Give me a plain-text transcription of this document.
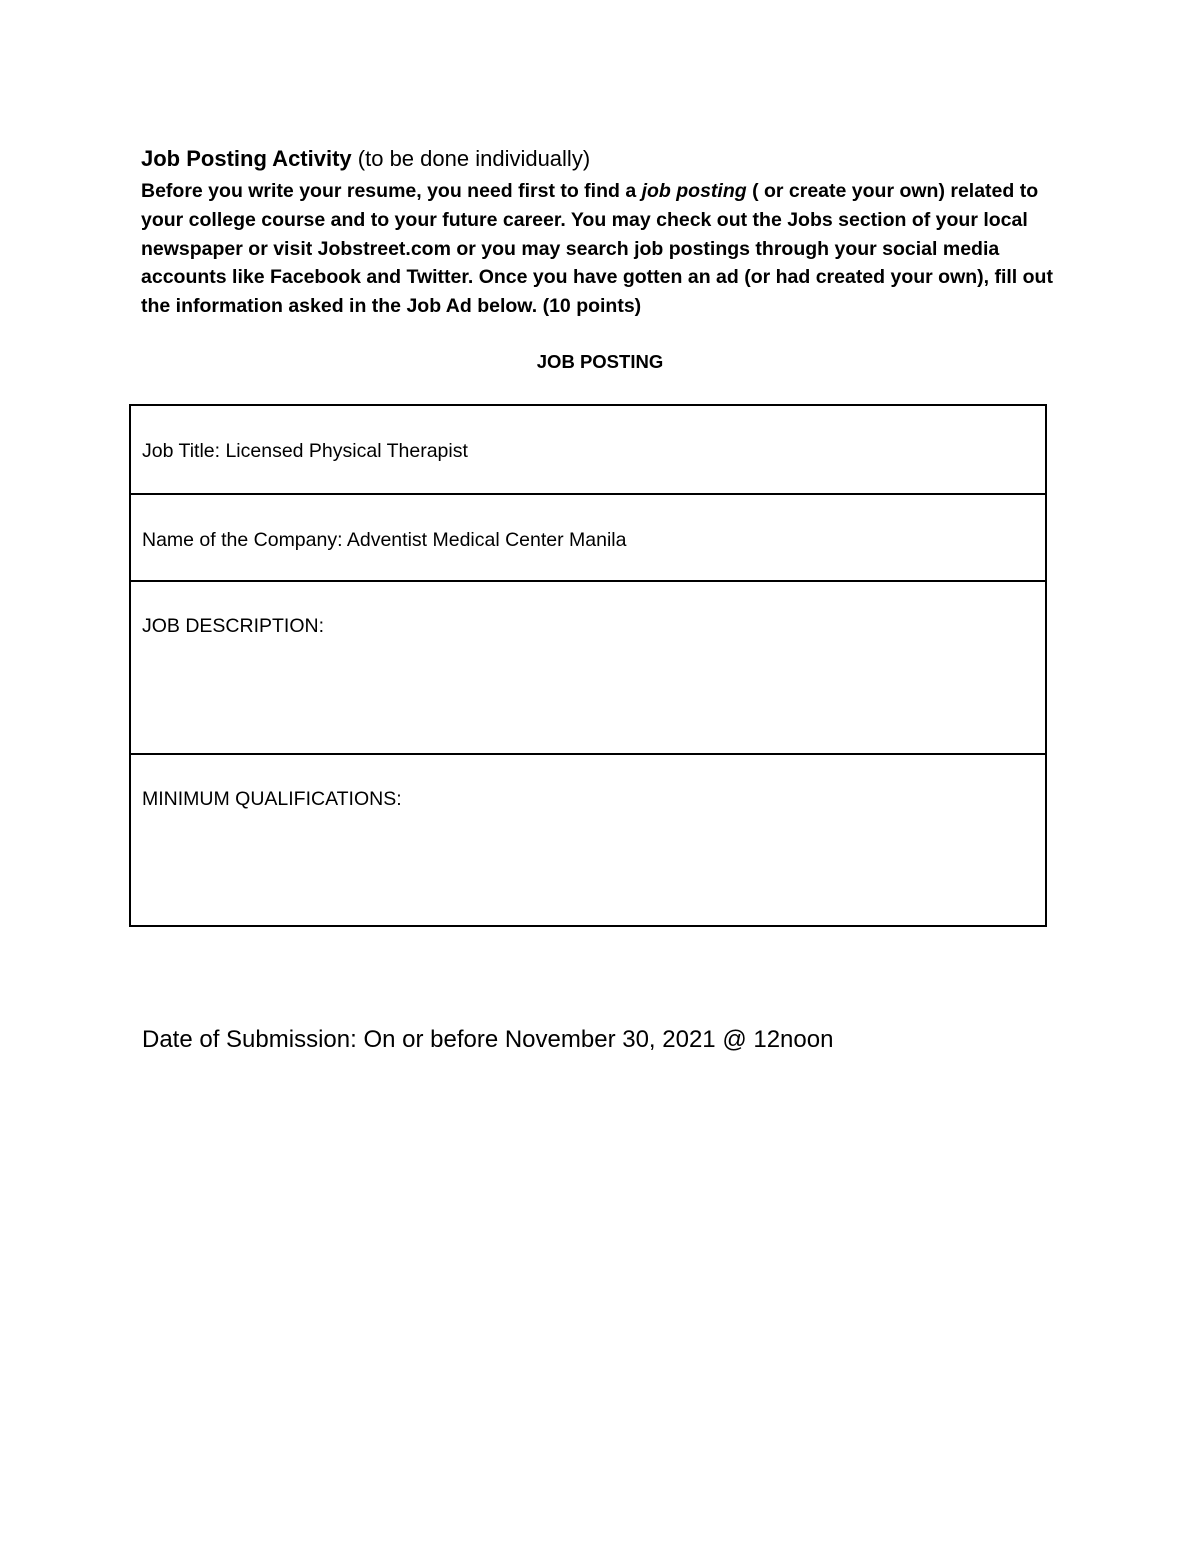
Job Posting Activity (to be done individually)
Before you write your resume, you need first to find a job posting ( or create your own) related to your college course and to your future career. You may check out the Jobs section of your local newspaper or visit Jobstreet.com or you may search job postings through your social media accounts like Facebook and Twitter. Once you have gotten an ad (or had created your own), fill out the information asked in the Job Ad below. (10 points)
JOB POSTING
Job Title: Licensed Physical Therapist
Name of the Company: Adventist Medical Center Manila
JOB DESCRIPTION:
MINIMUM QUALIFICATIONS:
Date of Submission: On or before November 30, 2021 @ 12noon
